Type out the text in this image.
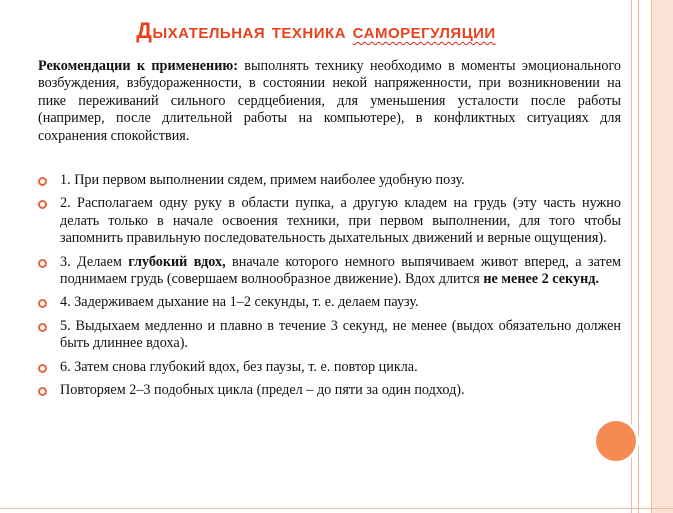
Дыхательная техника саморегуляции
Рекомендации к применению: выполнять технику необходимо в моменты эмоционального возбуждения, взбудораженности, в состоянии некой напряженности, при возникновении на пике переживаний сильного сердцебиения, для уменьшения усталости после работы (например, после длительной работы на компьютере), в конфликтных ситуациях для сохранения спокойствия.
1. При первом выполнении сядем, примем наиболее удобную позу.
2. Располагаем одну руку в области пупка, а другую кладем на грудь (эту часть нужно делать только в начале освоения техники, при первом выполнении, для того чтобы запомнить правильную последовательность дыхательных движений и верные ощущения).
3. Делаем глубокий вдох, вначале которого немного выпячиваем живот вперед, а затем поднимаем грудь (совершаем волнообразное движение). Вдох длится не менее 2 секунд.
4. Задерживаем дыхание на 1–2 секунды, т. е. делаем паузу.
5. Выдыхаем медленно и плавно в течение 3 секунд, не менее (выдох обязательно должен быть длиннее вдоха).
6. Затем снова глубокий вдох, без паузы, т. е. повтор цикла.
Повторяем 2–3 подобных цикла (предел – до пяти за один подход).
